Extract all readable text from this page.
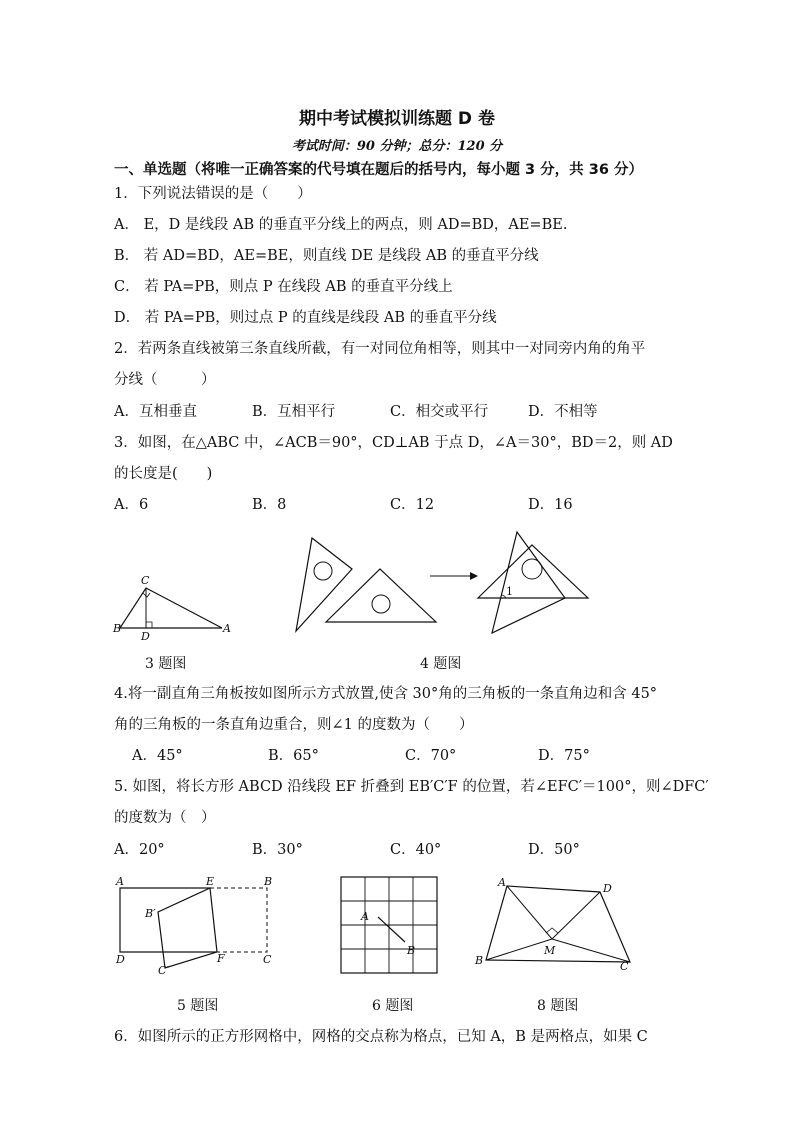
期中考试模拟训练题 D 卷
考试时间：90 分钟；总分：120 分
一、单选题（将唯一正确答案的代号填在题后的括号内，每小题 3 分，共 36 分）
1．下列说法错误的是（　　）
A． E，D 是线段 AB 的垂直平分线上的两点，则 AD=BD，AE=BE.
B． 若 AD=BD，AE=BE，则直线 DE 是线段 AB 的垂直平分线
C． 若 PA=PB，则点 P 在线段 AB 的垂直平分线上
D． 若 PA=PB，则过点 P 的直线是线段 AB 的垂直平分线
2．若两条直线被第三条直线所截，有一对同位角相等，则其中一对同旁内角的角平
分线（　　　）
A．互相垂直	B．互相平行	C．相交或平行	D．不相等
3．如图，在△ABC 中，∠ACB＝90°，CD⊥AB 于点 D，∠A＝30°，BD＝2，则 AD
的长度是(　　)
A．6	B．8	C．12	D．16
C
B
D
A
1
3 题图	4 题图
4.将一副直角三角板按如图所示方式放置,使含 30°角的三角板的一条直角边和含 45°
角的三角板的一条直角边重合，则∠1 的度数为（　　）
A．45°	B．65°	C．70°	D．75°
5. 如图，将长方形 ABCD 沿线段 EF 折叠到 EB′C′F 的位置，若∠EFC′＝100°，则∠DFC′
的度数为（　）
A．20°	B．30°	C．40°	D．50°
A	E	B
B′
D
C′
F	C
A
B
A	D
B
M
C
5 题图	6 题图	8 题图
6．如图所示的正方形网格中，网格的交点称为格点，已知 A，B 是两格点，如果 C
